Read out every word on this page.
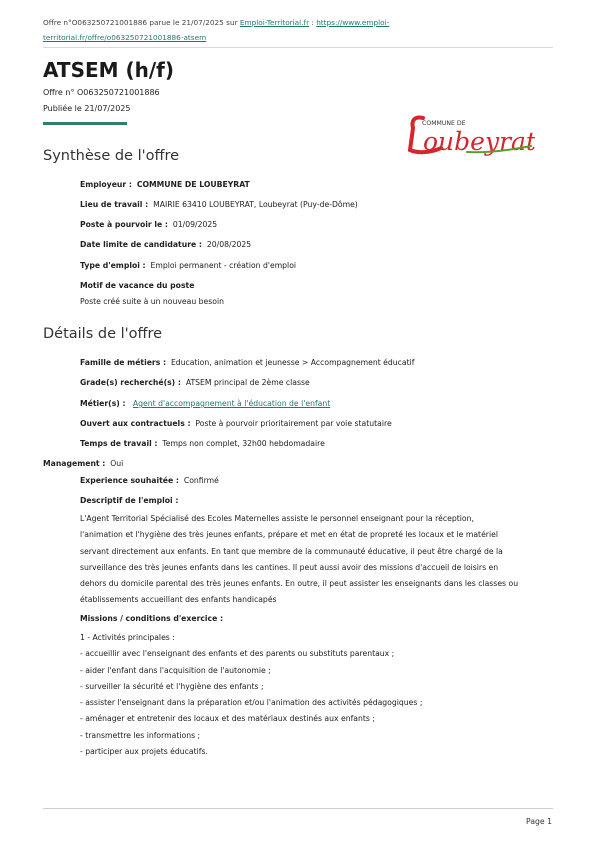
Offre n°O063250721001886 parue le 21/07/2025 sur Emploi-Territorial.fr : https://www.emploi-
territorial.fr/offre/o063250721001886-atsem
ATSEM (h/f)
Offre n° O063250721001886
Publiée le 21/07/2025
COMMUNE DE
oubeyrat
Synthèse de l'offre
Employeur : COMMUNE DE LOUBEYRAT
Lieu de travail : MAIRIE 63410 LOUBEYRAT, Loubeyrat (Puy-de-Dôme)
Poste à pourvoir le : 01/09/2025
Date limite de candidature : 20/08/2025
Type d'emploi : Emploi permanent - création d'emploi
Motif de vacance du poste
Poste créé suite à un nouveau besoin
Détails de l'offre
Famille de métiers : Education, animation et jeunesse > Accompagnement éducatif
Grade(s) recherché(s) : ATSEM principal de 2ème classe
Métier(s) : Agent d'accompagnement à l'éducation de l'enfant
Ouvert aux contractuels : Poste à pourvoir prioritairement par voie statutaire
Temps de travail : Temps non complet, 32h00 hebdomadaire
Management : Oui
Experience souhaitée : Confirmé
Descriptif de l'emploi :
L'Agent Territorial Spécialisé des Ecoles Maternelles assiste le personnel enseignant pour la réception,
l'animation et l'hygiène des très jeunes enfants, prépare et met en état de propreté les locaux et le matériel
servant directement aux enfants. En tant que membre de la communauté éducative, il peut être chargé de la
surveillance des très jeunes enfants dans les cantines. Il peut aussi avoir des missions d'accueil de loisirs en
dehors du domicile parental des très jeunes enfants. En outre, il peut assister les enseignants dans les classes ou
établissements accueillant des enfants handicapés
Missions / conditions d'exercice :
1 - Activités principales :
- accueillir avec l'enseignant des enfants et des parents ou substituts parentaux ;
- aider l'enfant dans l'acquisition de l'autonomie ;
- surveiller la sécurité et l'hygiène des enfants ;
- assister l'enseignant dans la préparation et/ou l'animation des activités pédagogiques ;
- aménager et entretenir des locaux et des matériaux destinés aux enfants ;
- transmettre les informations ;
- participer aux projets éducatifs.
Page 1
